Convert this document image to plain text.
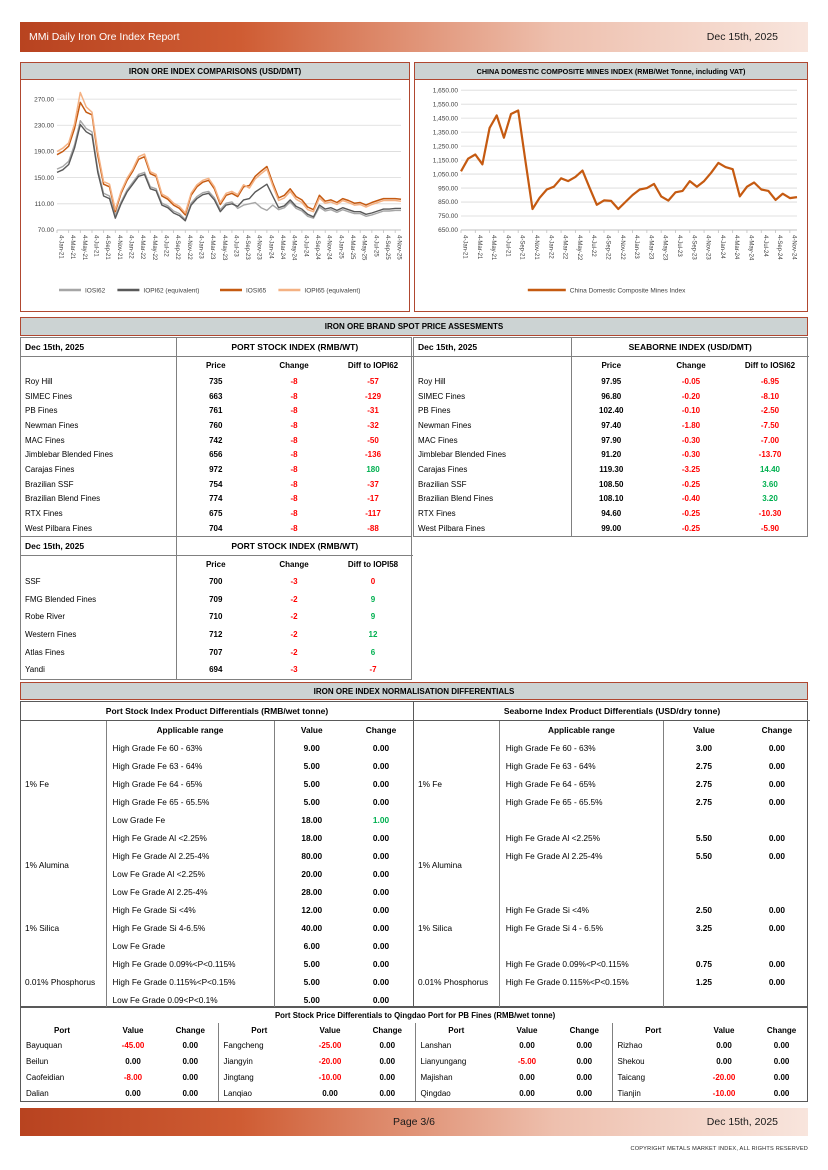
MMi Daily Iron Ore Index Report	Dec 15th, 2025
IRON ORE INDEX COMPARISONS (USD/DMT)
70.00
110.00
150.00
190.00
230.00
270.00
4-Jan-21 4-Mar-21 4-May-21 4-Jul-21 4-Sep-21 4-Nov-21 4-Jan-22 4-Mar-22 4-May-22 4-Jul-22 4-Sep-22 4-Nov-22 4-Jan-23 4-Mar-23 4-May-23 4-Jul-23 4-Sep-23 4-Nov-23 4-Jan-24 4-Mar-24 4-May-24 4-Jul-24 4-Sep-24 4-Nov-24 4-Jan-25 4-Mar-25 4-May-25 4-Jul-25 4-Sep-25 4-Nov-25
IOSI62	IOPI62 (equivalent)	IOSI65	IOPI65 (equivalent)
CHINA DOMESTIC COMPOSITE MINES INDEX (RMB/Wet Tonne, including VAT)
650.00
750.00
850.00
950.00
1,050.00
1,150.00
1,250.00
1,350.00
1,450.00
1,550.00
1,650.00
4-Jan-21 4-Mar-21 4-May-21 4-Jul-21 4-Sep-21 4-Nov-21 4-Jan-22 4-Mar-22 4-May-22 4-Jul-22 4-Sep-22 4-Nov-22 4-Jan-23 4-Mar-23 4-May-23 4-Jul-23 4-Sep-23 4-Nov-23 4-Jan-24 4-Mar-24 4-May-24 4-Jul-24 4-Sep-24 4-Nov-24
China Domestic Composite Mines Index
IRON ORE BRAND SPOT PRICE ASSESMENTS
Dec 15th, 2025	PORT STOCK INDEX (RMB/WT)		
	Price	Change	Diff to IOPI62
Roy Hill	735	-8	-57
SIMEC Fines	663	-8	-129
PB Fines	761	-8	-31
Newman Fines	760	-8	-32
MAC Fines	742	-8	-50
Jimblebar Blended Fines	656	-8	-136
Carajas Fines	972	-8	180
Brazilian SSF	754	-8	-37
Brazilian Blend Fines	774	-8	-17
RTX Fines	675	-8	-117
West Pilbara Fines	704	-8	-88
Dec 15th, 2025	SEABORNE INDEX (USD/DMT)		
	Price	Change	Diff to IOSI62
Roy Hill	97.95	-0.05	-6.95
SIMEC Fines	96.80	-0.20	-8.10
PB Fines	102.40	-0.10	-2.50
Newman Fines	97.40	-1.80	-7.50
MAC Fines	97.90	-0.30	-7.00
Jimblebar Blended Fines	91.20	-0.30	-13.70
Carajas Fines	119.30	-3.25	14.40
Brazilian SSF	108.50	-0.25	3.60
Brazilian Blend Fines	108.10	-0.40	3.20
RTX Fines	94.60	-0.25	-10.30
West Pilbara Fines	99.00	-0.25	-5.90
Dec 15th, 2025	PORT STOCK INDEX (RMB/WT)		
	Price	Change	Diff to IOPI58
SSF	700	-3	0
FMG Blended Fines	709	-2	9
Robe River	710	-2	9
Western Fines	712	-2	12
Atlas Fines	707	-2	6
Yandi	694	-3	-7
IRON ORE INDEX NORMALISATION DIFFERENTIALS
Port Stock Index Product Differentials (RMB/wet tonne)			
	Applicable range	Value	Change
1% Fe	High Grade Fe 60 - 63%	9.00	0.00
	High Grade Fe 63 - 64%	5.00	0.00
	High Grade Fe 64 - 65%	5.00	0.00
	High Grade Fe 65 - 65.5%	5.00	0.00
	Low Grade Fe	18.00	1.00
1% Alumina	High Fe Grade Al <2.25%	18.00	0.00
	High Fe Grade Al 2.25-4%	80.00	0.00
	Low Fe Grade Al <2.25%	20.00	0.00
	Low Fe Grade Al 2.25-4%	28.00	0.00
1% Silica	High Fe Grade Si <4%	12.00	0.00
	High Fe Grade Si 4-6.5%	40.00	0.00
	Low Fe Grade	6.00	0.00
0.01% Phosphorus	High Fe Grade 0.09%<P<0.115%	5.00	0.00
	High Fe Grade 0.115%<P<0.15%	5.00	0.00
	Low Fe Grade 0.09<P<0.1%	5.00	0.00
Seaborne Index Product Differentials (USD/dry tonne)			
	Applicable range	Value	Change
1% Fe	High Grade Fe 60 - 63%	3.00	0.00
	High Grade Fe 63 - 64%	2.75	0.00
	High Grade Fe 64 - 65%	2.75	0.00
	High Grade Fe 65 - 65.5%	2.75	0.00

1% Alumina	High Fe Grade Al <2.25%	5.50	0.00
	High Fe Grade Al 2.25-4%	5.50	0.00

1% Silica	High Fe Grade Si <4%	2.50	0.00
	High Fe Grade Si 4 - 6.5%	3.25	0.00

0.01% Phosphorus	High Fe Grade 0.09%<P<0.115%	0.75	0.00
	High Fe Grade 0.115%<P<0.15%	1.25	0.00

Port Stock Price Differentials to Qingdao Port for PB Fines (RMB/wet tonne)											
Port	Value	Change	Port	Value	Change	Port	Value	Change	Port	Value	Change
Bayuquan	-45.00	0.00	Fangcheng	-25.00	0.00	Lanshan	0.00	0.00	Rizhao	0.00	0.00
Beilun	0.00	0.00	Jiangyin	-20.00	0.00	Lianyungang	-5.00	0.00	Shekou	0.00	0.00
Caofeidian	-8.00	0.00	Jingtang	-10.00	0.00	Majishan	0.00	0.00	Taicang	-20.00	0.00
Dalian	0.00	0.00	Lanqiao	0.00	0.00	Qingdao	0.00	0.00	Tianjin	-10.00	0.00
Page 3/6	Dec 15th, 2025
COPYRIGHT METALS MARKET INDEX, ALL RIGHTS RESERVED
